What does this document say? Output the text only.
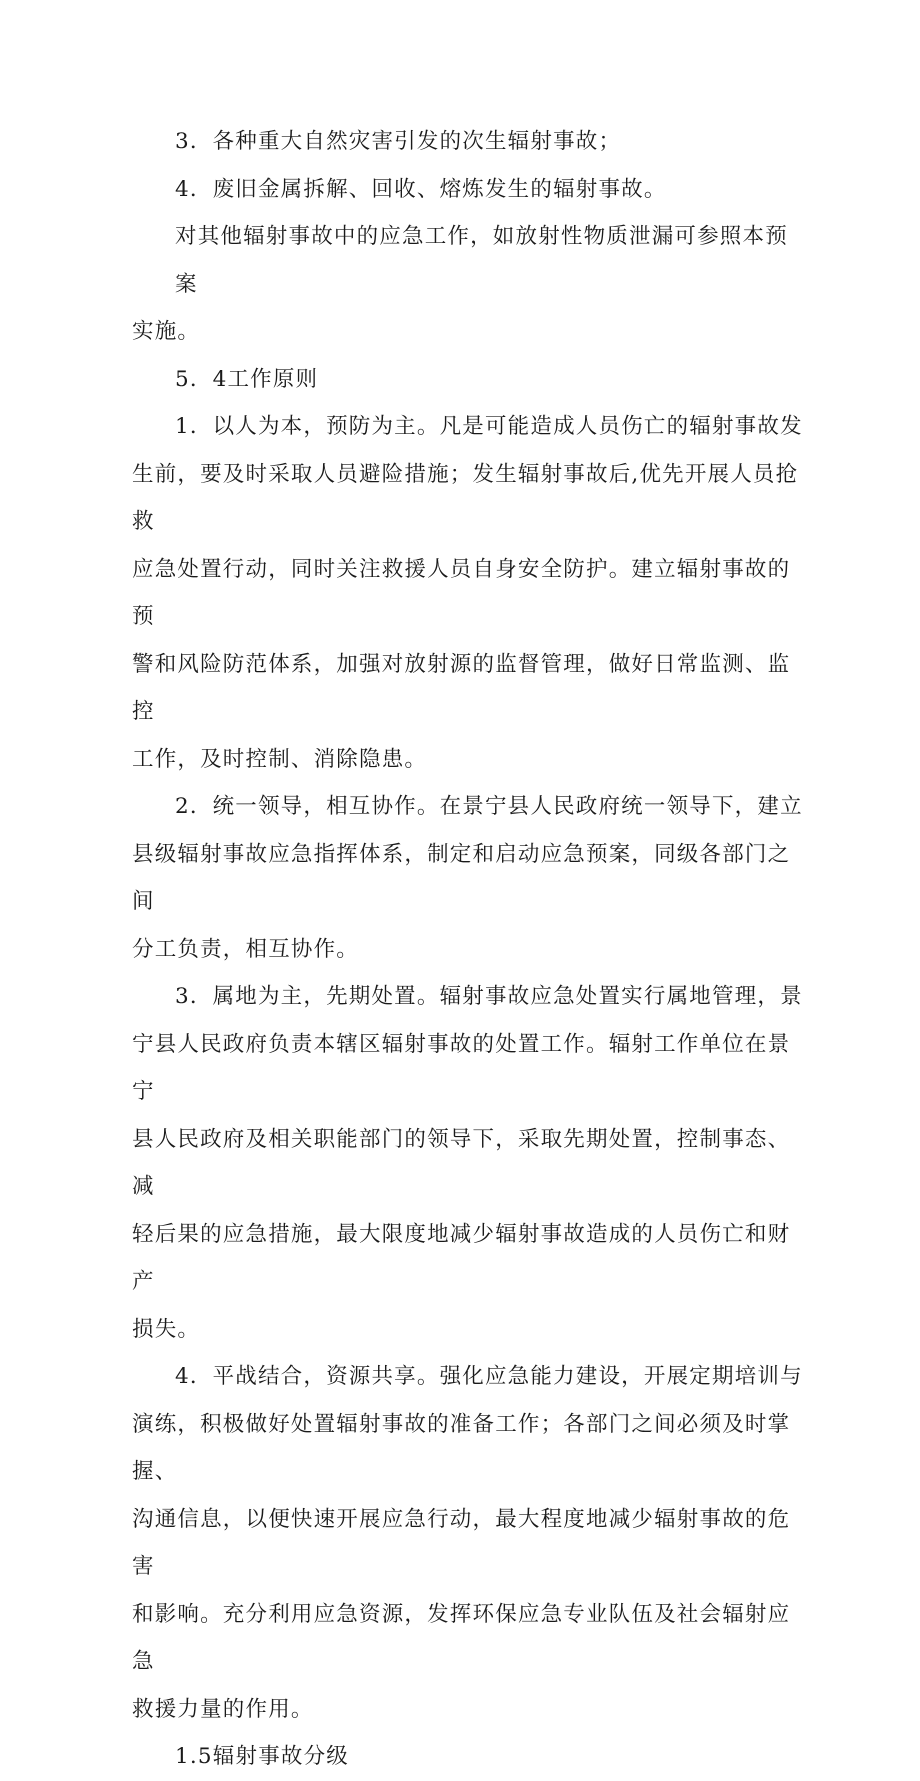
3．各种重大自然灾害引发的次生辐射事故；

4．废旧金属拆解、回收、熔炼发生的辐射事故。

对其他辐射事故中的应急工作，如放射性物质泄漏可参照本预案
实施。

5．4工作原则

1．以人为本，预防为主。凡是可能造成人员伤亡的辐射事故发
生前，要及时采取人员避险措施；发生辐射事故后,优先开展人员抢救
应急处置行动，同时关注救援人员自身安全防护。建立辐射事故的预
警和风险防范体系，加强对放射源的监督管理，做好日常监测、监控
工作，及时控制、消除隐患。

2．统一领导，相互协作。在景宁县人民政府统一领导下，建立
县级辐射事故应急指挥体系，制定和启动应急预案，同级各部门之间
分工负责，相互协作。

3．属地为主，先期处置。辐射事故应急处置实行属地管理，景
宁县人民政府负责本辖区辐射事故的处置工作。辐射工作单位在景宁
县人民政府及相关职能部门的领导下，采取先期处置，控制事态、减
轻后果的应急措施，最大限度地减少辐射事故造成的人员伤亡和财产
损失。

4．平战结合，资源共享。强化应急能力建设，开展定期培训与
演练，积极做好处置辐射事故的准备工作；各部门之间必须及时掌握、
沟通信息，以便快速开展应急行动，最大程度地减少辐射事故的危害
和影响。充分利用应急资源，发挥环保应急专业队伍及社会辐射应急
救援力量的作用。

1.5辐射事故分级
